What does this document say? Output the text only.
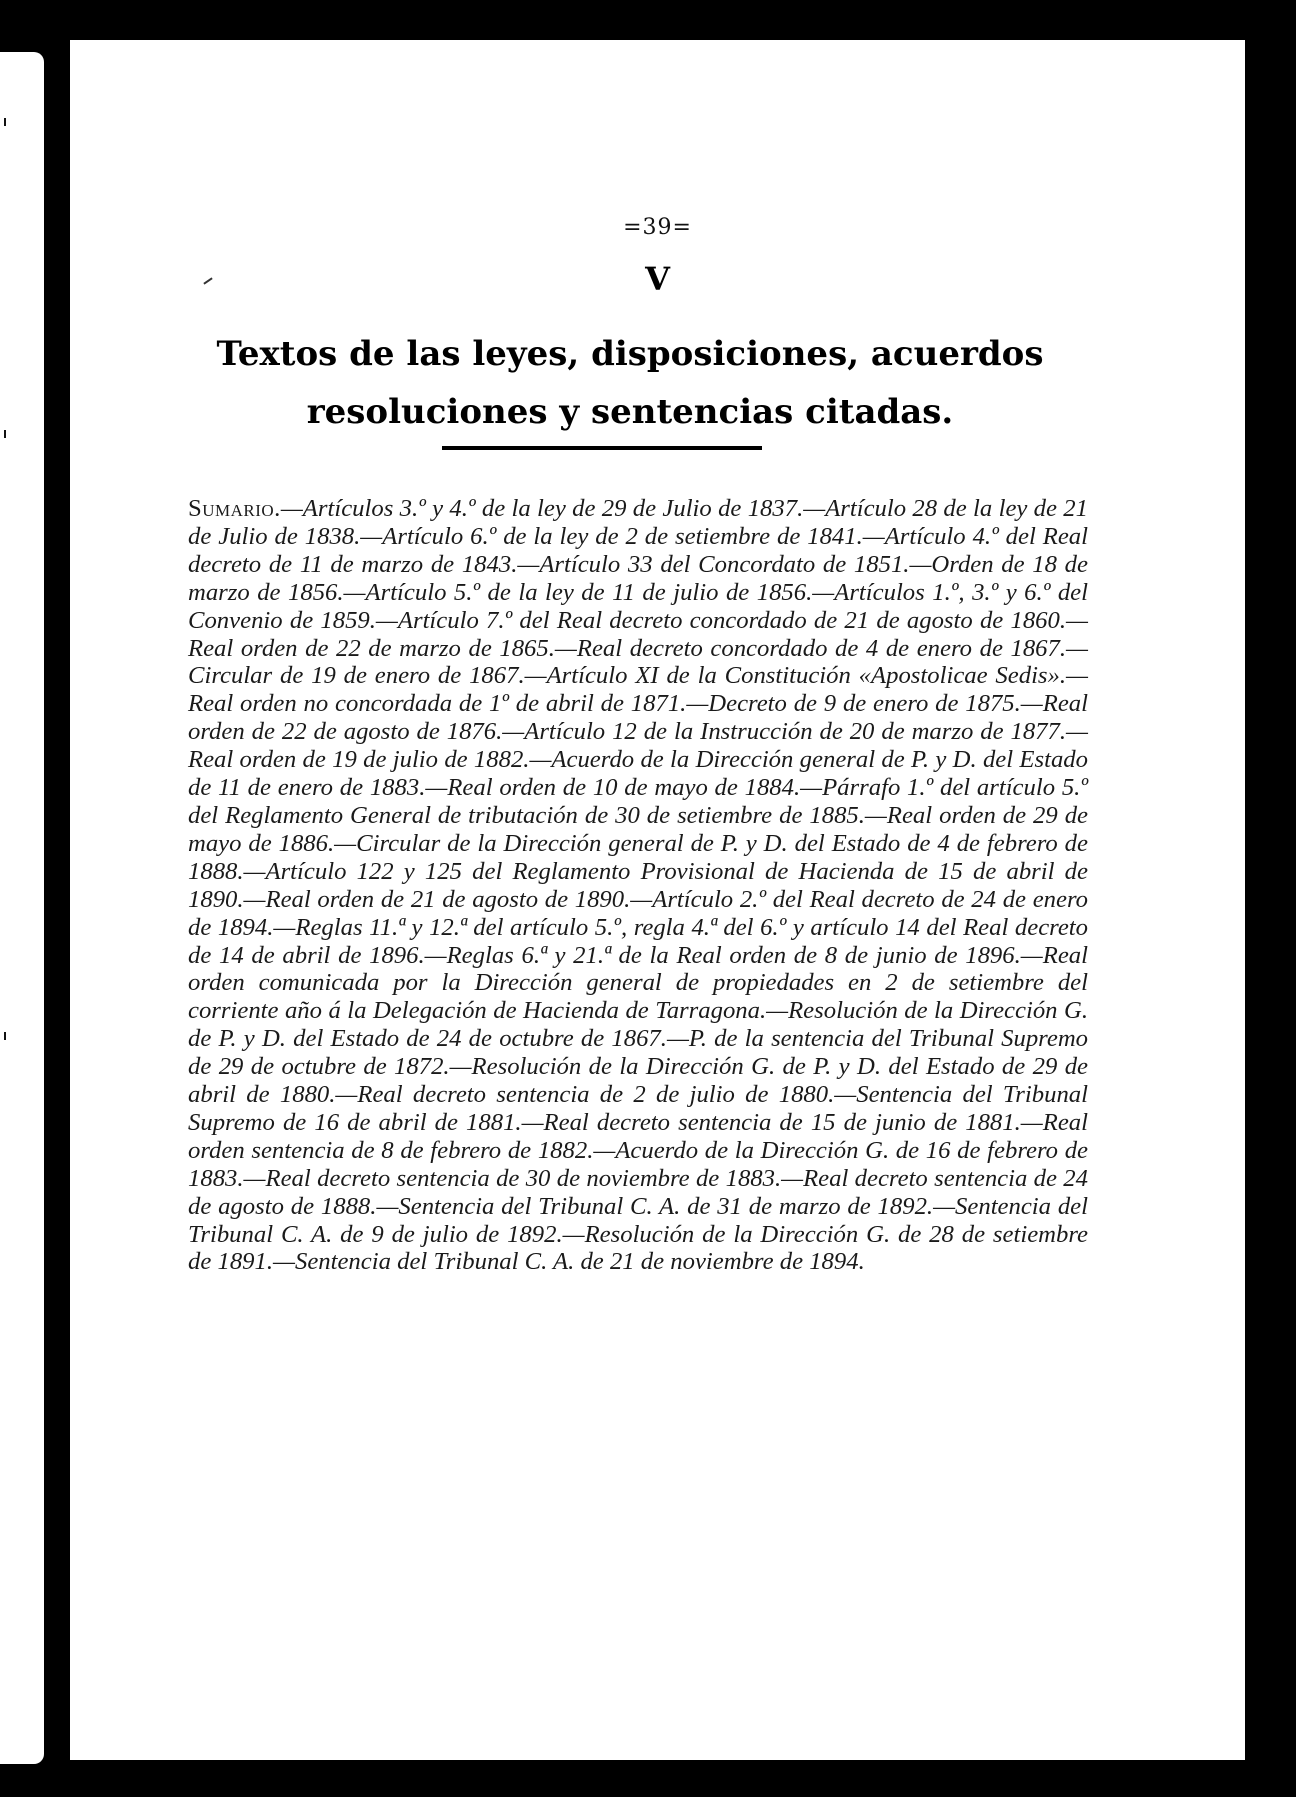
=39=
V
Textos de las leyes, disposiciones, acuerdos
resoluciones y sentencias citadas.
Sumario.—Artículos 3.º y 4.º de la ley de 29 de Julio de 1837.—Artículo 28 de la ley de 21 de Julio de 1838.—Artículo 6.º de la ley de 2 de setiembre de 1841.—Artículo 4.º del Real decreto de 11 de marzo de 1843.—Artículo 33 del Concordato de 1851.—Orden de 18 de marzo de 1856.—Artículo 5.º de la ley de 11 de julio de 1856.—Artículos 1.º, 3.º y 6.º del Convenio de 1859.—Artículo 7.º del Real decreto concordado de 21 de agosto de 1860.—Real orden de 22 de marzo de 1865.—Real decreto concordado de 4 de enero de 1867.—Circular de 19 de enero de 1867.—Artículo XI de la Constitución «Apostolicae Sedis».—Real orden no concordada de 1º de abril de 1871.—Decreto de 9 de enero de 1875.—Real orden de 22 de agosto de 1876.—Artículo 12 de la Instrucción de 20 de marzo de 1877.—Real orden de 19 de julio de 1882.—Acuerdo de la Dirección general de P. y D. del Estado de 11 de enero de 1883.—Real orden de 10 de mayo de 1884.—Párrafo 1.º del artículo 5.º del Reglamento General de tributación de 30 de setiembre de 1885.—Real orden de 29 de mayo de 1886.—Circular de la Dirección general de P. y D. del Estado de 4 de febrero de 1888.—Artículo 122 y 125 del Reglamento Provisional de Hacienda de 15 de abril de 1890.—Real orden de 21 de agosto de 1890.—Artículo 2.º del Real decreto de 24 de enero de 1894.—Reglas 11.ª y 12.ª del artículo 5.º, regla 4.ª del 6.º y artículo 14 del Real decreto de 14 de abril de 1896.—Reglas 6.ª y 21.ª de la Real orden de 8 de junio de 1896.—Real orden comunicada por la Dirección general de propiedades en 2 de setiembre del corriente año á la Delegación de Hacienda de Tarragona.—Resolución de la Dirección G. de P. y D. del Estado de 24 de octubre de 1867.—P. de la sentencia del Tribunal Supremo de 29 de octubre de 1872.—Resolución de la Dirección G. de P. y D. del Estado de 29 de abril de 1880.—Real decreto sentencia de 2 de julio de 1880.—Sentencia del Tribunal Supremo de 16 de abril de 1881.—Real decreto sentencia de 15 de junio de 1881.—Real orden sentencia de 8 de febrero de 1882.—Acuerdo de la Dirección G. de 16 de febrero de 1883.—Real decreto sentencia de 30 de noviembre de 1883.—Real decreto sentencia de 24 de agosto de 1888.—Sentencia del Tribunal C. A. de 31 de marzo de 1892.—Sentencia del Tribunal C. A. de 9 de julio de 1892.—Resolución de la Dirección G. de 28 de setiembre de 1891.—Sentencia del Tribunal C. A. de 21 de noviembre de 1894.
